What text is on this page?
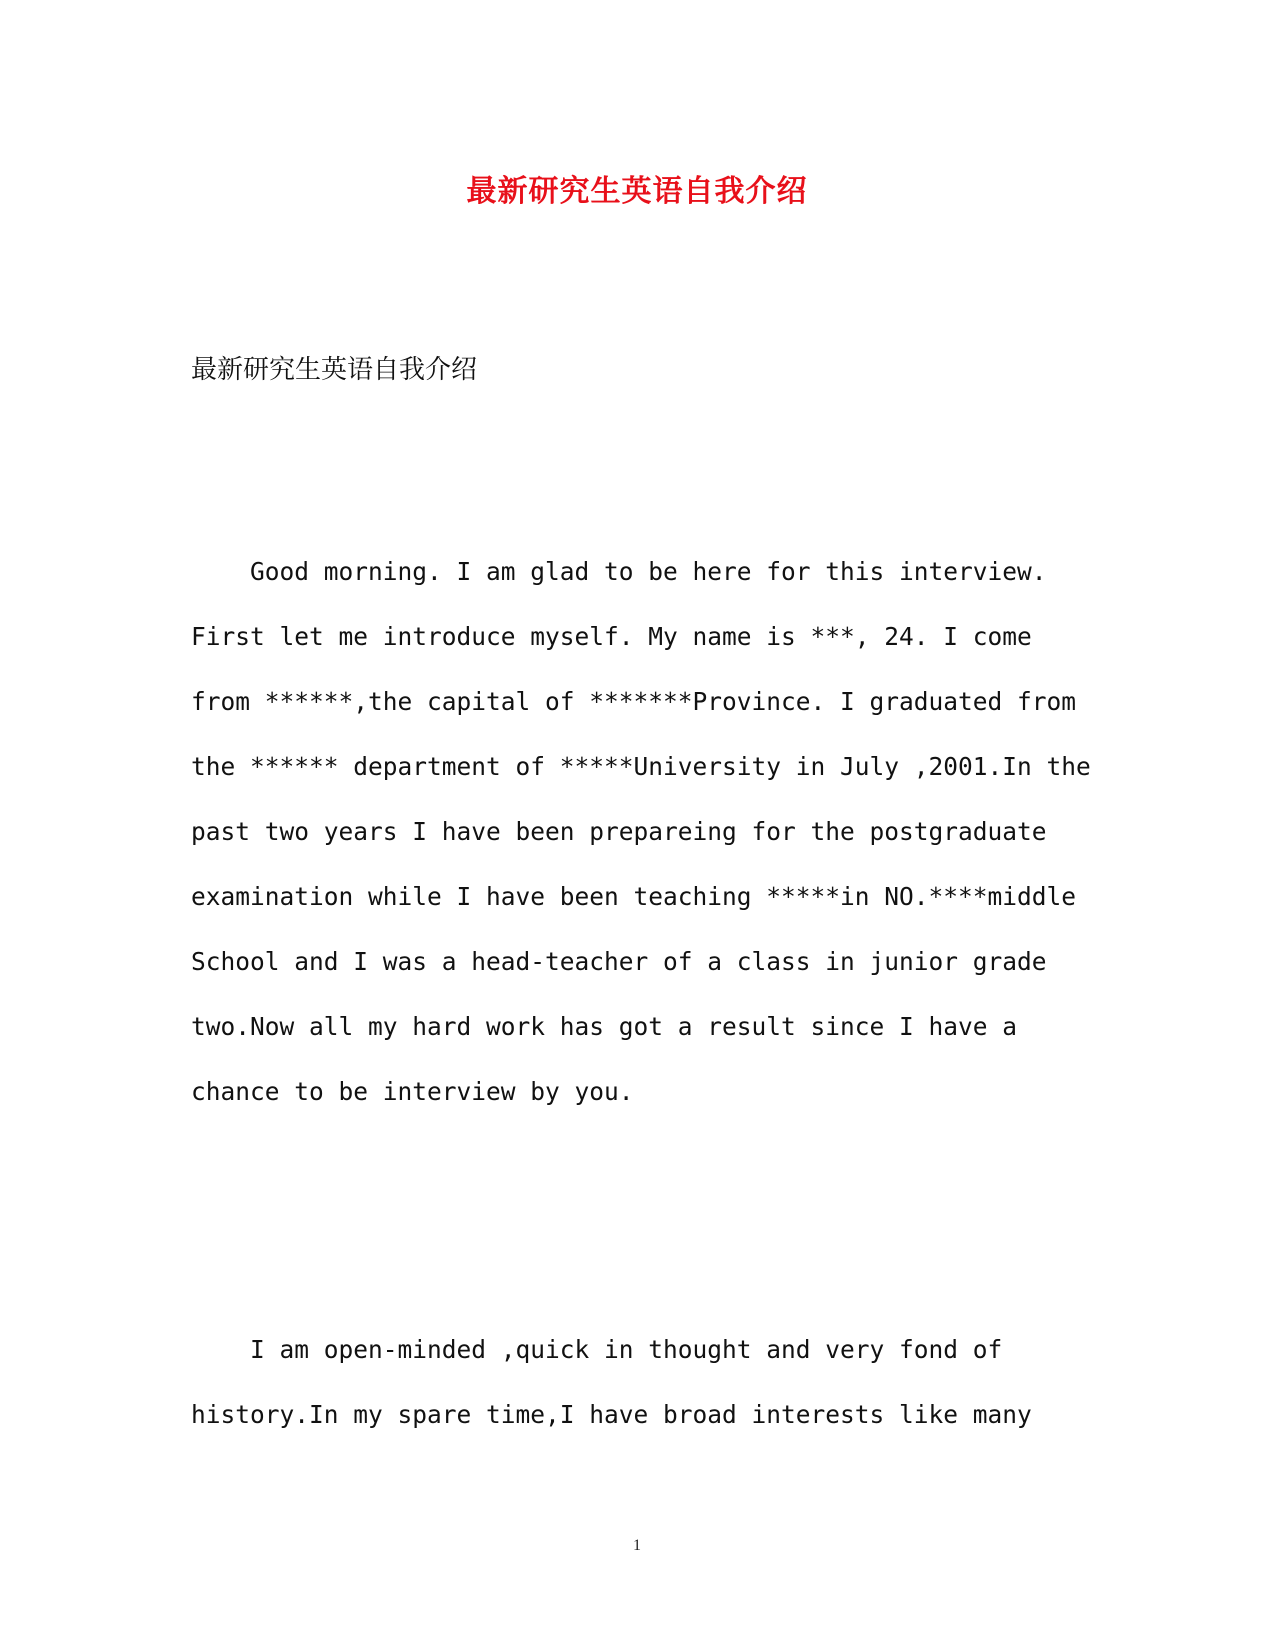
最新研究生英语自我介绍
最新研究生英语自我介绍
Good morning. I am glad to be here for this interview.
First let me introduce myself. My name is ***, 24. I come
from ******,the capital of *******Province. I graduated from
the ****** department of *****University in July ,2001.In the
past two years I have been prepareing for the postgraduate
examination while I have been teaching *****in NO.****middle
School and I was a head-teacher of a class in junior grade
two.Now all my hard work has got a result since I have a
chance to be interview by you.
I am open-minded ,quick in thought and very fond of
history.In my spare time,I have broad interests like many
1
